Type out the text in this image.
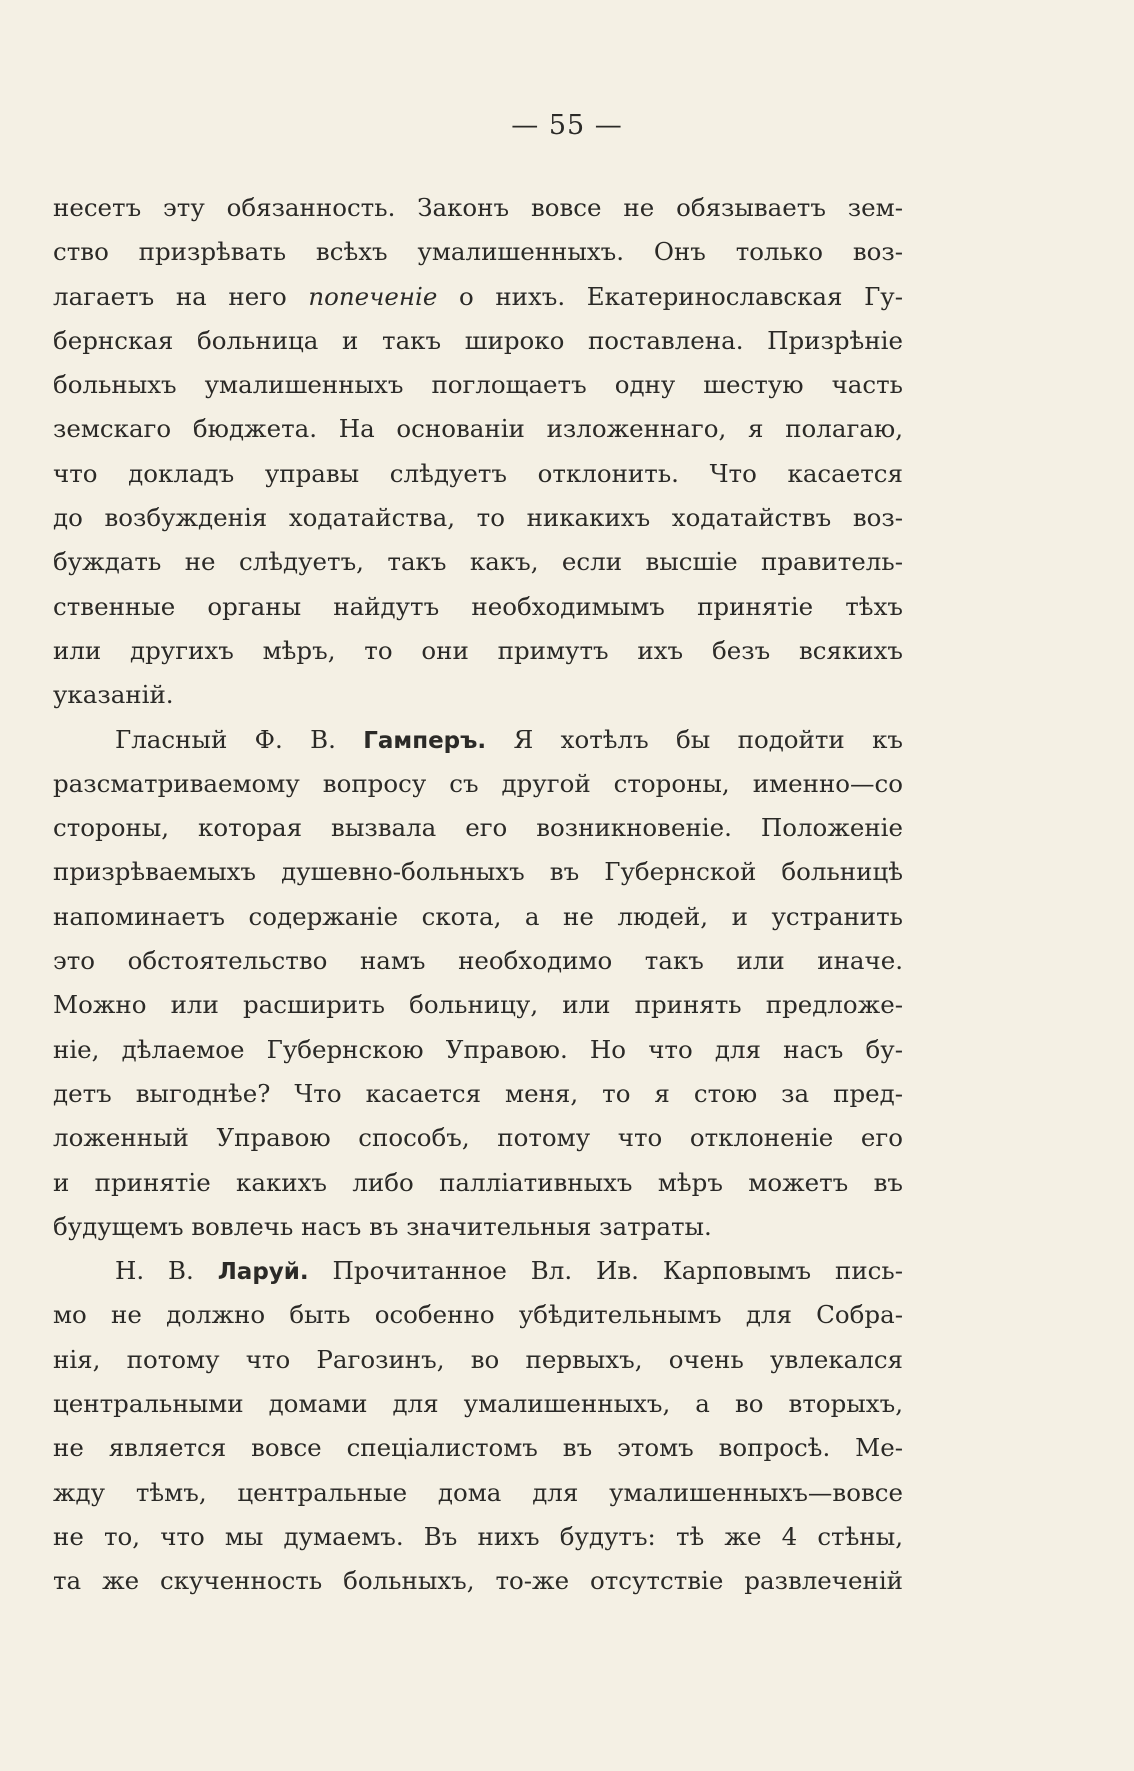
— 55 —
несетъ эту обязанность. Законъ вовсе не обязываетъ зем-
ство призрѣвать всѣхъ умалишенныхъ. Онъ только воз-
лагаетъ на него попеченіе о нихъ. Екатеринославская Гу-
бернская больница и такъ широко поставлена. Призрѣніе
больныхъ умалишенныхъ поглощаетъ одну шестую часть
земскаго бюджета. На основаніи изложеннаго, я полагаю,
что докладъ управы слѣдуетъ отклонить. Что касается
до возбужденія ходатайства, то никакихъ ходатайствъ воз-
буждать не слѣдуетъ, такъ какъ, если высшіе правитель-
ственные органы найдутъ необходимымъ принятіе тѣхъ
или другихъ мѣръ, то они примутъ ихъ безъ всякихъ
указаній.
Гласный Ф. В. Гамперъ. Я хотѣлъ бы подойти къ
разсматриваемому вопросу съ другой стороны, именно—со
стороны, которая вызвала его возникновеніе. Положеніе
призрѣваемыхъ душевно-больныхъ въ Губернской больницѣ
напоминаетъ содержаніе скота, а не людей, и устранить
это обстоятельство намъ необходимо такъ или иначе.
Можно или расширить больницу, или принять предложе-
ніе, дѣлаемое Губернскою Управою. Но что для насъ бу-
детъ выгоднѣе? Что касается меня, то я стою за пред-
ложенный Управою способъ, потому что отклоненіе его
и принятіе какихъ либо палліативныхъ мѣръ можетъ въ
будущемъ вовлечь насъ въ значительныя затраты.
Н. В. Ларуй. Прочитанное Вл. Ив. Карповымъ пись-
мо не должно быть особенно убѣдительнымъ для Собра-
нія, потому что Рагозинъ, во первыхъ, очень увлекался
центральными домами для умалишенныхъ, а во вторыхъ,
не является вовсе спеціалистомъ въ этомъ вопросѣ. Ме-
жду тѣмъ, центральные дома для умалишенныхъ—вовсе
не то, что мы думаемъ. Въ нихъ будутъ: тѣ же 4 стѣны,
та же скученность больныхъ, то-же отсутствіе развлеченій
